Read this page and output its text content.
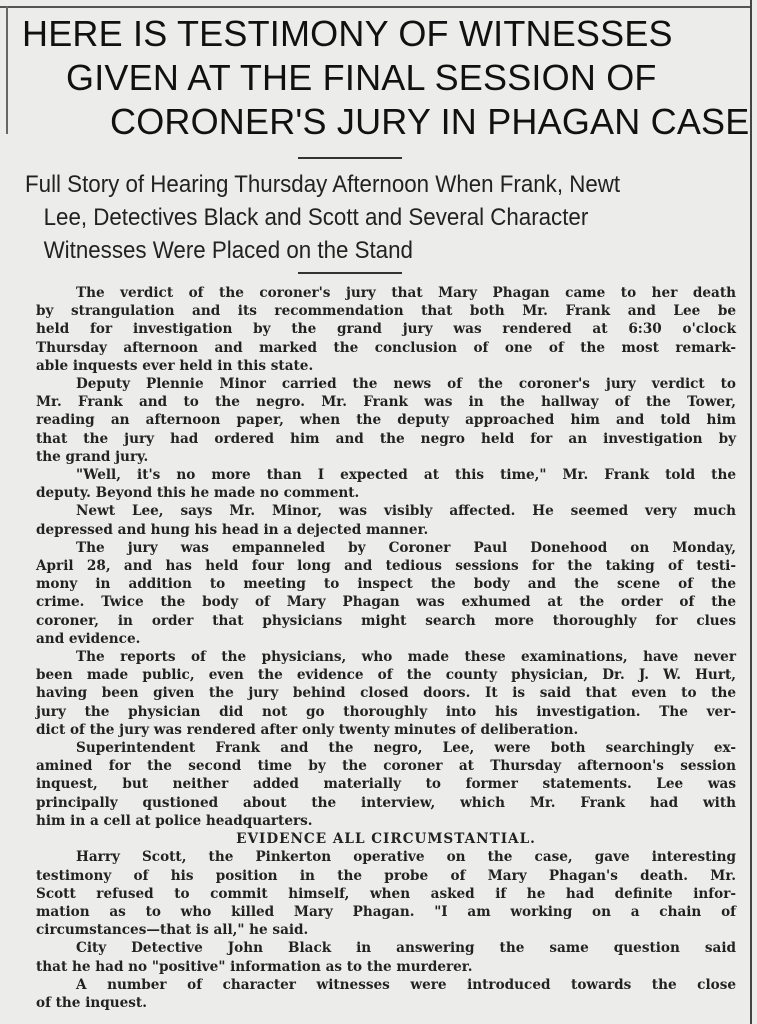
HERE IS TESTIMONY OF WITNESSES
GIVEN AT THE FINAL SESSION OF
CORONER'S JURY IN PHAGAN CASE
Full Story of Hearing Thursday Afternoon When Frank, Newt
Lee, Detectives Black and Scott and Several Character
Witnesses Were Placed on the Stand
The verdict of the coroner's jury that Mary Phagan came to her death
by strangulation and its recommendation that both Mr. Frank and Lee be
held for investigation by the grand jury was rendered at 6:30 o'clock
Thursday afternoon and marked the conclusion of one of the most remark-
able inquests ever held in this state.
Deputy Plennie Minor carried the news of the coroner's jury verdict to
Mr. Frank and to the negro. Mr. Frank was in the hallway of the Tower,
reading an afternoon paper, when the deputy approached him and told him
that the jury had ordered him and the negro held for an investigation by
the grand jury.
"Well, it's no more than I expected at this time," Mr. Frank told the
deputy. Beyond this he made no comment.
Newt Lee, says Mr. Minor, was visibly affected. He seemed very much
depressed and hung his head in a dejected manner.
The jury was empanneled by Coroner Paul Donehood on Monday,
April 28, and has held four long and tedious sessions for the taking of testi-
mony in addition to meeting to inspect the body and the scene of the
crime. Twice the body of Mary Phagan was exhumed at the order of the
coroner, in order that physicians might search more thoroughly for clues
and evidence.
The reports of the physicians, who made these examinations, have never
been made public, even the evidence of the county physician, Dr. J. W. Hurt,
having been given the jury behind closed doors. It is said that even to the
jury the physician did not go thoroughly into his investigation. The ver-
dict of the jury was rendered after only twenty minutes of deliberation.
Superintendent Frank and the negro, Lee, were both searchingly ex-
amined for the second time by the coroner at Thursday afternoon's session
inquest, but neither added materially to former statements. Lee was
principally qustioned about the interview, which Mr. Frank had with
him in a cell at police headquarters.
EVIDENCE ALL CIRCUMSTANTIAL.
Harry Scott, the Pinkerton operative on the case, gave interesting
testimony of his position in the probe of Mary Phagan's death. Mr.
Scott refused to commit himself, when asked if he had definite infor-
mation as to who killed Mary Phagan. "I am working on a chain of
circumstances—that is all," he said.
City Detective John Black in answering the same question said
that he had no "positive" information as to the murderer.
A number of character witnesses were introduced towards the close
of the inquest.
